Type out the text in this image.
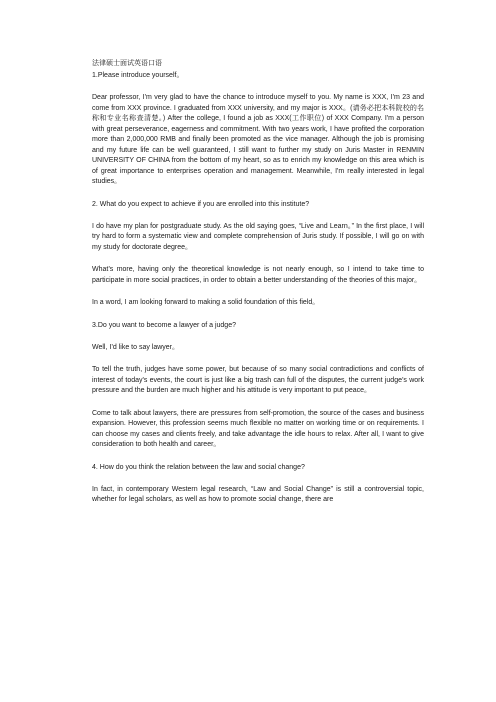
法律硕士面试英语口语

1.Please introduce yourself。

Dear professor, I’m very glad to have the chance to introduce myself to you. My name is XXX, I’m 23 and come from XXX province. I graduated from XXX university, and my major is XXX。(请务必把本科院校的名称和专业名称查清楚。) After the college, I found a job as XXX(工作职位) of XXX Company. I'm a person with great perseverance, eagerness and commitment. With two years work, I have profited the corporation more than 2,000,000 RMB and finally been promoted as the vice manager. Although the job is promising and my future life can be well guaranteed, I still want to further my study on Juris Master in RENMIN UNIVERSITY OF CHINA from the bottom of my heart, so as to enrich my knowledge on this area which is of great importance to enterprises operation and management. Meanwhile, I'm really interested in legal studies。

2. What do you expect to achieve if you are enrolled into this institute?

I do have my plan for postgraduate study. As the old saying goes, “Live and Learn。” In the first place, I will try hard to form a systematic view and complete comprehension of Juris study. If possible, I will go on with my study for doctorate degree。

What’s more, having only the theoretical knowledge is not nearly enough, so I intend to take time to participate in more social practices, in order to obtain a better understanding of the theories of this major。

In a word, I am looking forward to making a solid foundation of this field。

3.Do you want to become a lawyer of a judge?

Well, I’d like to say lawyer。

To tell the truth, judges have some power, but because of so many social contradictions and conflicts of interest of today's events, the court is just like a big trash can full of the disputes, the current judge’s work pressure and the burden are much higher and his attitude is very important to put peace。

Come to talk about lawyers, there are pressures from self-promotion, the source of the cases and business expansion. However, this profession seems much flexible no matter on working time or on requirements. I can choose my cases and clients freely, and take advantage the idle hours to relax. After all, I want to give consideration to both health and career。

4. How do you think the relation between the law and social change?

In fact, in contemporary Western legal research, “Law and Social Change” is still a controversial topic, whether for legal scholars, as well as how to promote social change, there are
